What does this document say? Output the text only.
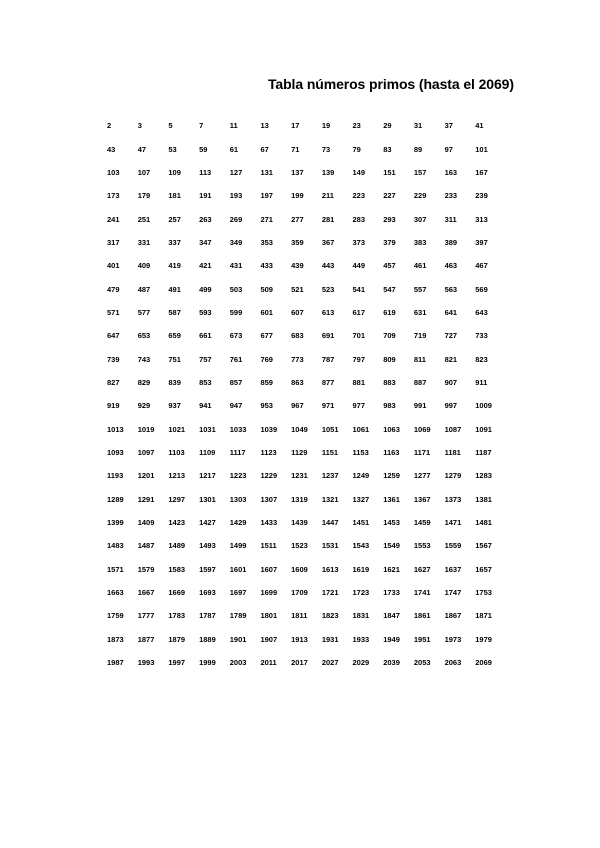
Tabla números primos (hasta el 2069)
2	3	5	7	11	13	17	19	23	29	31	37	41
43	47	53	59	61	67	71	73	79	83	89	97	101
103	107	109	113	127	131	137	139	149	151	157	163	167
173	179	181	191	193	197	199	211	223	227	229	233	239
241	251	257	263	269	271	277	281	283	293	307	311	313
317	331	337	347	349	353	359	367	373	379	383	389	397
401	409	419	421	431	433	439	443	449	457	461	463	467
479	487	491	499	503	509	521	523	541	547	557	563	569
571	577	587	593	599	601	607	613	617	619	631	641	643
647	653	659	661	673	677	683	691	701	709	719	727	733
739	743	751	757	761	769	773	787	797	809	811	821	823
827	829	839	853	857	859	863	877	881	883	887	907	911
919	929	937	941	947	953	967	971	977	983	991	997	1009
1013	1019	1021	1031	1033	1039	1049	1051	1061	1063	1069	1087	1091
1093	1097	1103	1109	1117	1123	1129	1151	1153	1163	1171	1181	1187
1193	1201	1213	1217	1223	1229	1231	1237	1249	1259	1277	1279	1283
1289	1291	1297	1301	1303	1307	1319	1321	1327	1361	1367	1373	1381
1399	1409	1423	1427	1429	1433	1439	1447	1451	1453	1459	1471	1481
1483	1487	1489	1493	1499	1511	1523	1531	1543	1549	1553	1559	1567
1571	1579	1583	1597	1601	1607	1609	1613	1619	1621	1627	1637	1657
1663	1667	1669	1693	1697	1699	1709	1721	1723	1733	1741	1747	1753
1759	1777	1783	1787	1789	1801	1811	1823	1831	1847	1861	1867	1871
1873	1877	1879	1889	1901	1907	1913	1931	1933	1949	1951	1973	1979
1987	1993	1997	1999	2003	2011	2017	2027	2029	2039	2053	2063	2069
